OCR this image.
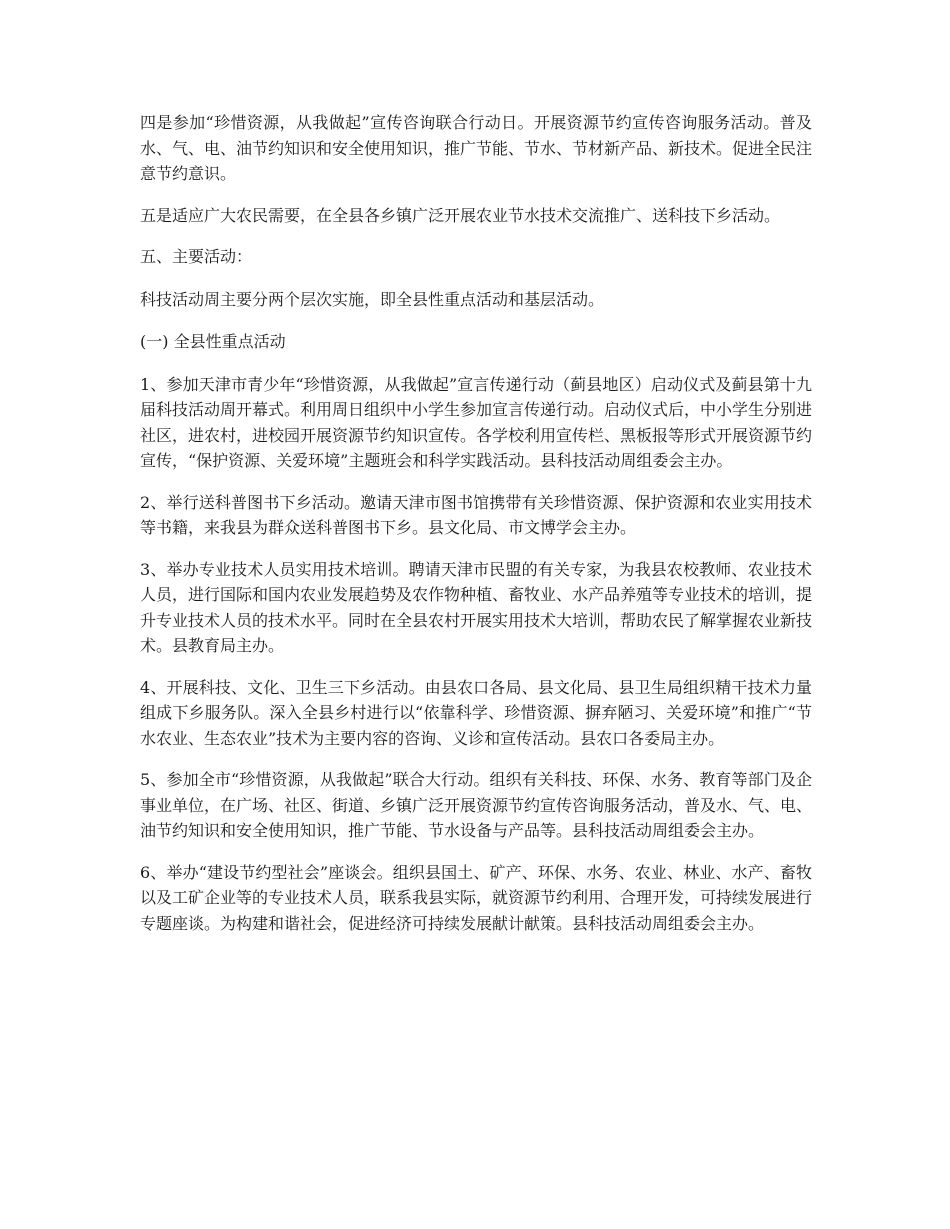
四是参加“珍惜资源，从我做起”宣传咨询联合行动日。开展资源节约宣传咨询服务活动。普及水、气、电、油节约知识和安全使用知识，推广节能、节水、节材新产品、新技术。促进全民注意节约意识。

五是适应广大农民需要，在全县各乡镇广泛开展农业节水技术交流推广、送科技下乡活动。

五、主要活动：

科技活动周主要分两个层次实施，即全县性重点活动和基层活动。

(一) 全县性重点活动

1、参加天津市青少年“珍惜资源，从我做起”宣言传递行动（蓟县地区）启动仪式及蓟县第十九届科技活动周开幕式。利用周日组织中小学生参加宣言传递行动。启动仪式后，中小学生分别进社区，进农村，进校园开展资源节约知识宣传。各学校利用宣传栏、黑板报等形式开展资源节约宣传，“保护资源、关爱环境”主题班会和科学实践活动。县科技活动周组委会主办。

2、举行送科普图书下乡活动。邀请天津市图书馆携带有关珍惜资源、保护资源和农业实用技术等书籍，来我县为群众送科普图书下乡。县文化局、市文博学会主办。

3、举办专业技术人员实用技术培训。聘请天津市民盟的有关专家，为我县农校教师、农业技术人员，进行国际和国内农业发展趋势及农作物种植、畜牧业、水产品养殖等专业技术的培训，提升专业技术人员的技术水平。同时在全县农村开展实用技术大培训，帮助农民了解掌握农业新技术。县教育局主办。

4、开展科技、文化、卫生三下乡活动。由县农口各局、县文化局、县卫生局组织精干技术力量组成下乡服务队。深入全县乡村进行以“依靠科学、珍惜资源、摒弃陋习、关爱环境”和推广“节水农业、生态农业”技术为主要内容的咨询、义诊和宣传活动。县农口各委局主办。

5、参加全市“珍惜资源，从我做起”联合大行动。组织有关科技、环保、水务、教育等部门及企事业单位，在广场、社区、街道、乡镇广泛开展资源节约宣传咨询服务活动，普及水、气、电、油节约知识和安全使用知识，推广节能、节水设备与产品等。县科技活动周组委会主办。

6、举办“建设节约型社会”座谈会。组织县国土、矿产、环保、水务、农业、林业、水产、畜牧以及工矿企业等的专业技术人员，联系我县实际，就资源节约利用、合理开发，可持续发展进行专题座谈。为构建和谐社会，促进经济可持续发展献计献策。县科技活动周组委会主办。
